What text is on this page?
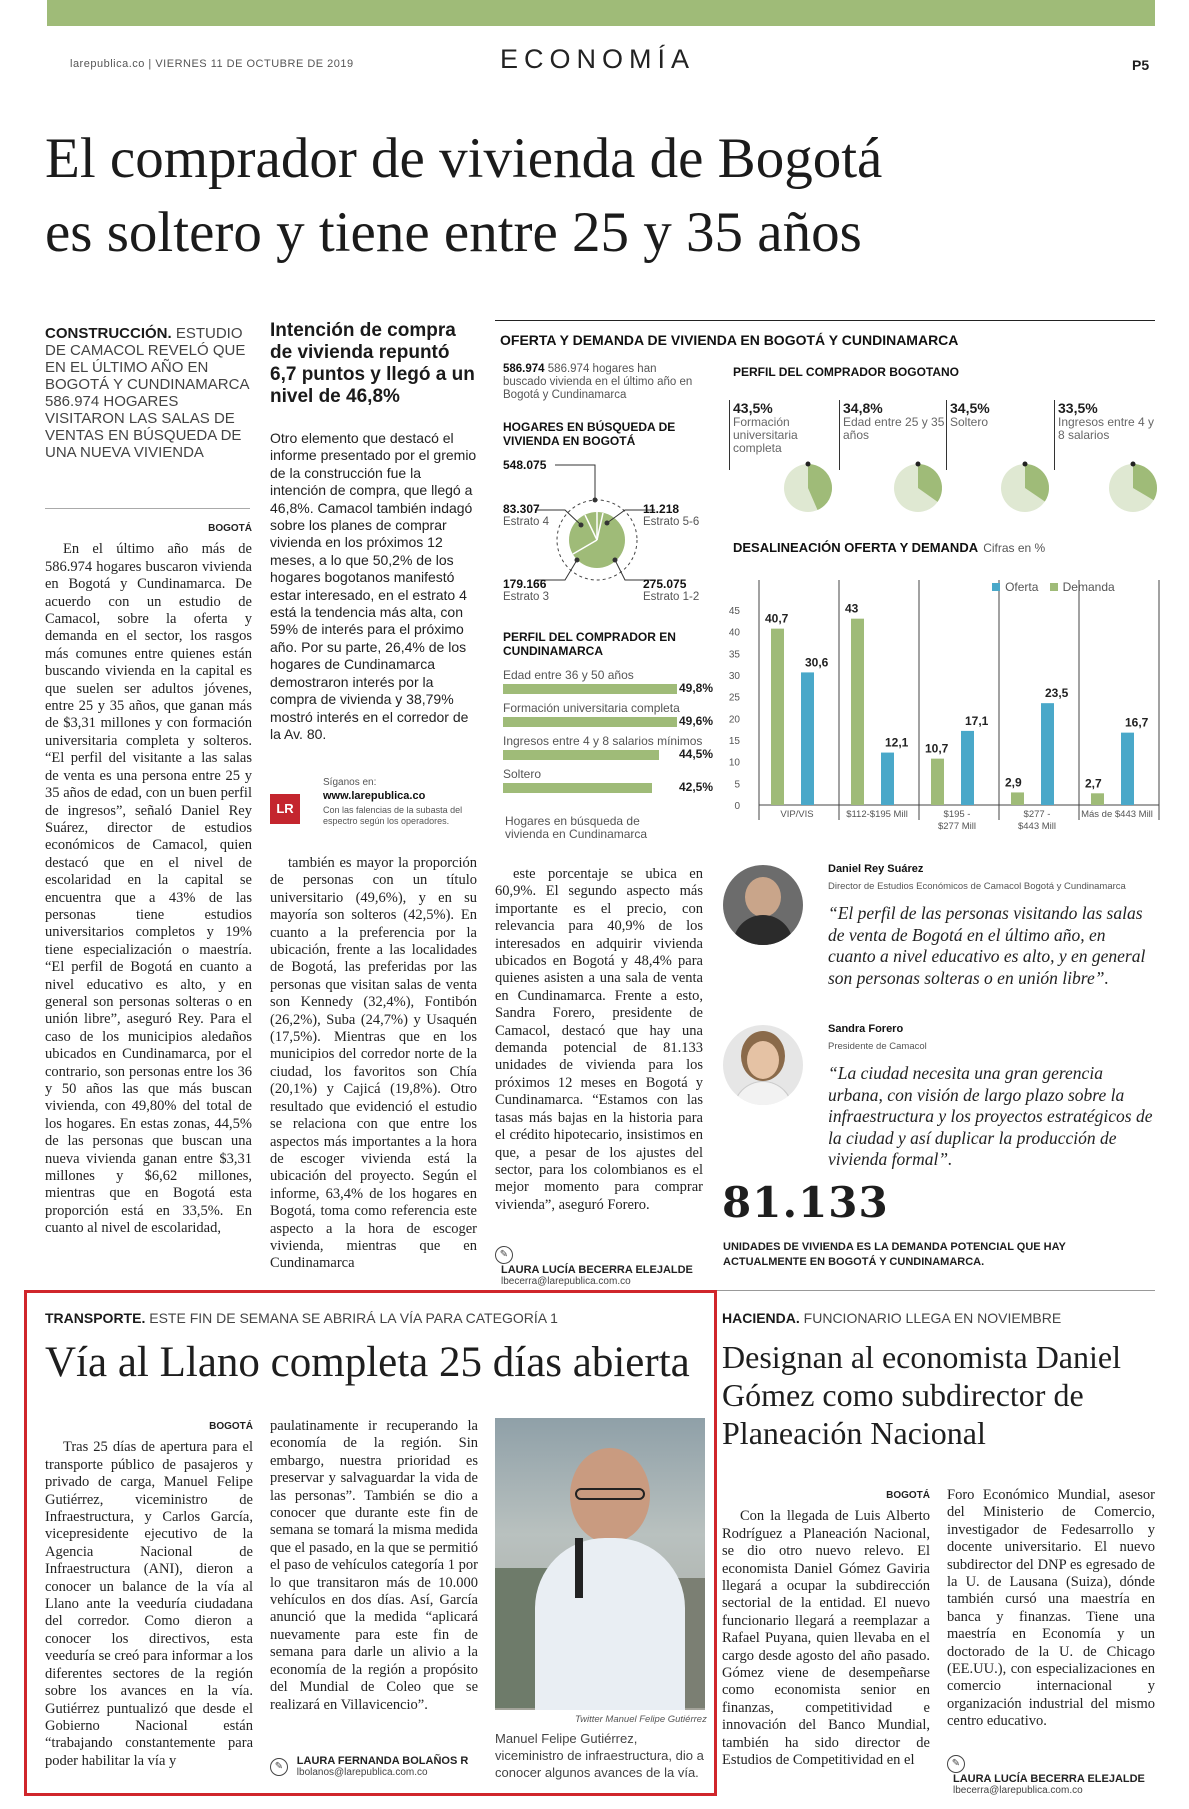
larepublica.co | VIERNES 11 DE OCTUBRE DE 2019	ECONOMÍA	P5
El comprador de vivienda de Bogotá
es soltero y tiene entre 25 y 35 años
CONSTRUCCIÓN. ESTUDIO DE CAMACOL REVELÓ QUE EN EL ÚLTIMO AÑO EN BOGOTÁ Y CUNDINAMARCA 586.974 HOGARES VISITARON LAS SALAS DE VENTAS EN BÚSQUEDA DE UNA NUEVA VIVIENDA
BOGOTÁ

En el último año más de 586.974 hogares buscaron vivienda en Bogotá y Cundinamarca. De acuerdo con un estudio de Camacol, sobre la oferta y demanda en el sector, los rasgos más comunes entre quienes están buscando vivienda en la capital es que suelen ser adultos jóvenes, entre 25 y 35 años, que ganan más de $3,31 millones y con formación universitaria completa y solteros. “El perfil del visitante a las salas de venta es una persona entre 25 y 35 años de edad, con un buen perfil de ingresos”, señaló Daniel Rey Suárez, director de estudios económicos de Camacol, quien destacó que en el nivel de escolaridad en la capital se encuentra que a 43% de las personas tiene estudios universitarios completos y 19% tiene especialización o maestría. “El perfil de Bogotá en cuanto a nivel educativo es alto, y en general son personas solteras o en unión libre”, aseguró Rey. Para el caso de los municipios aledaños ubicados en Cundinamarca, por el contrario, son personas entre los 36 y 50 años las que más buscan vivienda, con 49,80% del total de los hogares. En estas zonas, 44,5% de las personas que buscan una nueva vivienda ganan entre $3,31 millones y $6,62 millones, mientras que en Bogotá esta proporción está en 33,5%. En cuanto al nivel de escolaridad,

Intención de compra de vivienda repuntó 6,7 puntos y llegó a un nivel de 46,8%
Otro elemento que destacó el informe presentado por el gremio de la construcción fue la intención de compra, que llegó a 46,8%. Camacol también indagó sobre los planes de comprar vivienda en los próximos 12 meses, a lo que 50,2% de los hogares bogotanos manifestó estar interesado, en el estrato 4 está la tendencia más alta, con 59% de interés para el próximo año. Por su parte, 26,4% de los hogares de Cundinamarca demostraron interés por la compra de vivienda y 38,79% mostró interés en el corredor de la Av. 80.
LR
Síganos en:
www.larepublica.co
Con las falencias de la subasta del espectro según los operadores.

también es mayor la proporción de personas con un título universitario (49,6%), y en su mayoría son solteros (42,5%). En cuanto a la preferencia por la ubicación, frente a las localidades de Bogotá, las preferidas por las personas que visitan salas de venta son Kennedy (32,4%), Fontibón (26,2%), Suba (24,7%) y Usaquén (17,5%). Mientras que en los municipios del corredor norte de la ciudad, los favoritos son Chía (20,1%) y Cajicá (19,8%). Otro resultado que evidenció el estudio se relaciona con que entre los aspectos más importantes a la hora de escoger vivienda está la ubicación del proyecto. Según el informe, 63,4% de los hogares en Bogotá, toma como referencia este aspecto a la hora de escoger vivienda, mientras que en Cundinamarca

este porcentaje se ubica en 60,9%. El segundo aspecto más importante es el precio, con relevancia para 40,9% de los interesados en adquirir vivienda ubicados en Bogotá y 48,4% para quienes asisten a una sala de venta en Cundinamarca. Frente a esto, Sandra Forero, presidente de Camacol, destacó que hay una demanda potencial de 81.133 unidades de vivienda para los próximos 12 meses en Bogotá y Cundinamarca. “Estamos con las tasas más bajas en la historia para el crédito hipotecario, insistimos en que, a pesar de los ajustes del sector, para los colombianos es el mejor momento para comprar vivienda”, aseguró Forero.

✎ LAURA LUCÍA BECERRA ELEJALDE
lbecerra@larepublica.com.co
OFERTA Y DEMANDA DE VIVIENDA EN BOGOTÁ Y CUNDINAMARCA
586.974 586.974 hogares han buscado vivienda en el último año en Bogotá y Cundinamarca
HOGARES EN BÚSQUEDA DE VIVIENDA EN BOGOTÁ
548.075
83.307
Estrato 4
11.218
Estrato 5-6
179.166
Estrato 3
275.075
Estrato 1-2
PERFIL DEL COMPRADOR EN CUNDINAMARCA
Edad entre 36 y 50 años
49,8%
Formación universitaria completa
49,6%
Ingresos entre 4 y 8 salarios mínimos
44,5%
Soltero
42,5%
Hogares en búsqueda de vivienda en Cundinamarca
PERFIL DEL COMPRADOR BOGOTANO
43,5%
Formación universitaria completa
34,8%
Edad entre 25 y 35 años
34,5%
Soltero
33,5%
Ingresos entre 4 y 8 salarios
DESALINEACIÓN OFERTA Y DEMANDA Cifras en %
0
5
10
15
20
25
30
35
40
45
40,7
30,6
VIP/VIS
43
12,1
$112-$195 Mill
10,7
17,1
$195 -
$277 Mill
2,9
23,5
$277 -
$443 Mill
2,7
16,7
Más de $443 Mill
Oferta Demanda
Daniel Rey Suárez
Director de Estudios Económicos de Camacol Bogotá y Cundinamarca
“El perfil de las personas visitando las salas de venta de Bogotá en el último año, en cuanto a nivel educativo es alto, y en general son personas solteras o en unión libre”.
Sandra Forero
Presidente de Camacol
“La ciudad necesita una gran gerencia urbana, con visión de largo plazo sobre la infraestructura y los proyectos estratégicos de la ciudad y así duplicar la producción de vivienda formal”.
81.133
UNIDADES DE VIVIENDA ES LA DEMANDA POTENCIAL QUE HAY ACTUALMENTE EN BOGOTÁ Y CUNDINAMARCA.
TRANSPORTE. ESTE FIN DE SEMANA SE ABRIRÁ LA VÍA PARA CATEGORÍA 1
Vía al Llano completa 25 días abierta
BOGOTÁ

Tras 25 días de apertura para el transporte público de pasajeros y privado de carga, Manuel Felipe Gutiérrez, viceministro de Infraestructura, y Carlos García, vicepresidente ejecutivo de la Agencia Nacional de Infraestructura (ANI), dieron a conocer un balance de la vía al Llano ante la veeduría ciudadana del corredor. Como dieron a conocer los directivos, esta veeduría se creó para informar a los diferentes sectores de la región sobre los avances en la vía. Gutiérrez puntualizó que desde el Gobierno Nacional están “trabajando constantemente para poder habilitar la vía y

paulatinamente ir recuperando la economía de la región. Sin embargo, nuestra prioridad es preservar y salvaguardar la vida de las personas”. También se dio a conocer que durante este fin de semana se tomará la misma medida que el pasado, en la que se permitió el paso de vehículos categoría 1 por lo que transitaron más de 10.000 vehículos en dos días. Así, García anunció que la medida “aplicará nuevamente para este fin de semana para darle un alivio a la economía de la región a propósito del Mundial de Coleo que se realizará en Villavicencio”.

✎ LAURA FERNANDA BOLAÑOS R
lbolanos@larepublica.com.co
Twitter Manuel Felipe Gutiérrez
Manuel Felipe Gutiérrez, viceministro de infraestructura, dio a conocer algunos avances de la vía.
HACIENDA. FUNCIONARIO LLEGA EN NOVIEMBRE
Designan al economista Daniel Gómez como subdirector de Planeación Nacional
BOGOTÁ

Con la llegada de Luis Alberto Rodríguez a Planeación Nacional, se dio otro nuevo relevo. El economista Daniel Gómez Gaviria llegará a ocupar la subdirección sectorial de la entidad. El nuevo funcionario llegará a reemplazar a Rafael Puyana, quien llevaba en el cargo desde agosto del año pasado. Gómez viene de desempeñarse como economista senior en finanzas, competitividad e innovación del Banco Mundial, también ha sido director de Estudios de Competitividad en el

Foro Económico Mundial, asesor del Ministerio de Comercio, investigador de Fedesarrollo y docente universitario. El nuevo subdirector del DNP es egresado de la U. de Lausana (Suiza), dónde también cursó una maestría en banca y finanzas. Tiene una maestría en Economía y un doctorado de la U. de Chicago (EE.UU.), con especializaciones en comercio internacional y organización industrial del mismo centro educativo.

✎ LAURA LUCÍA BECERRA ELEJALDE
lbecerra@larepublica.com.co
